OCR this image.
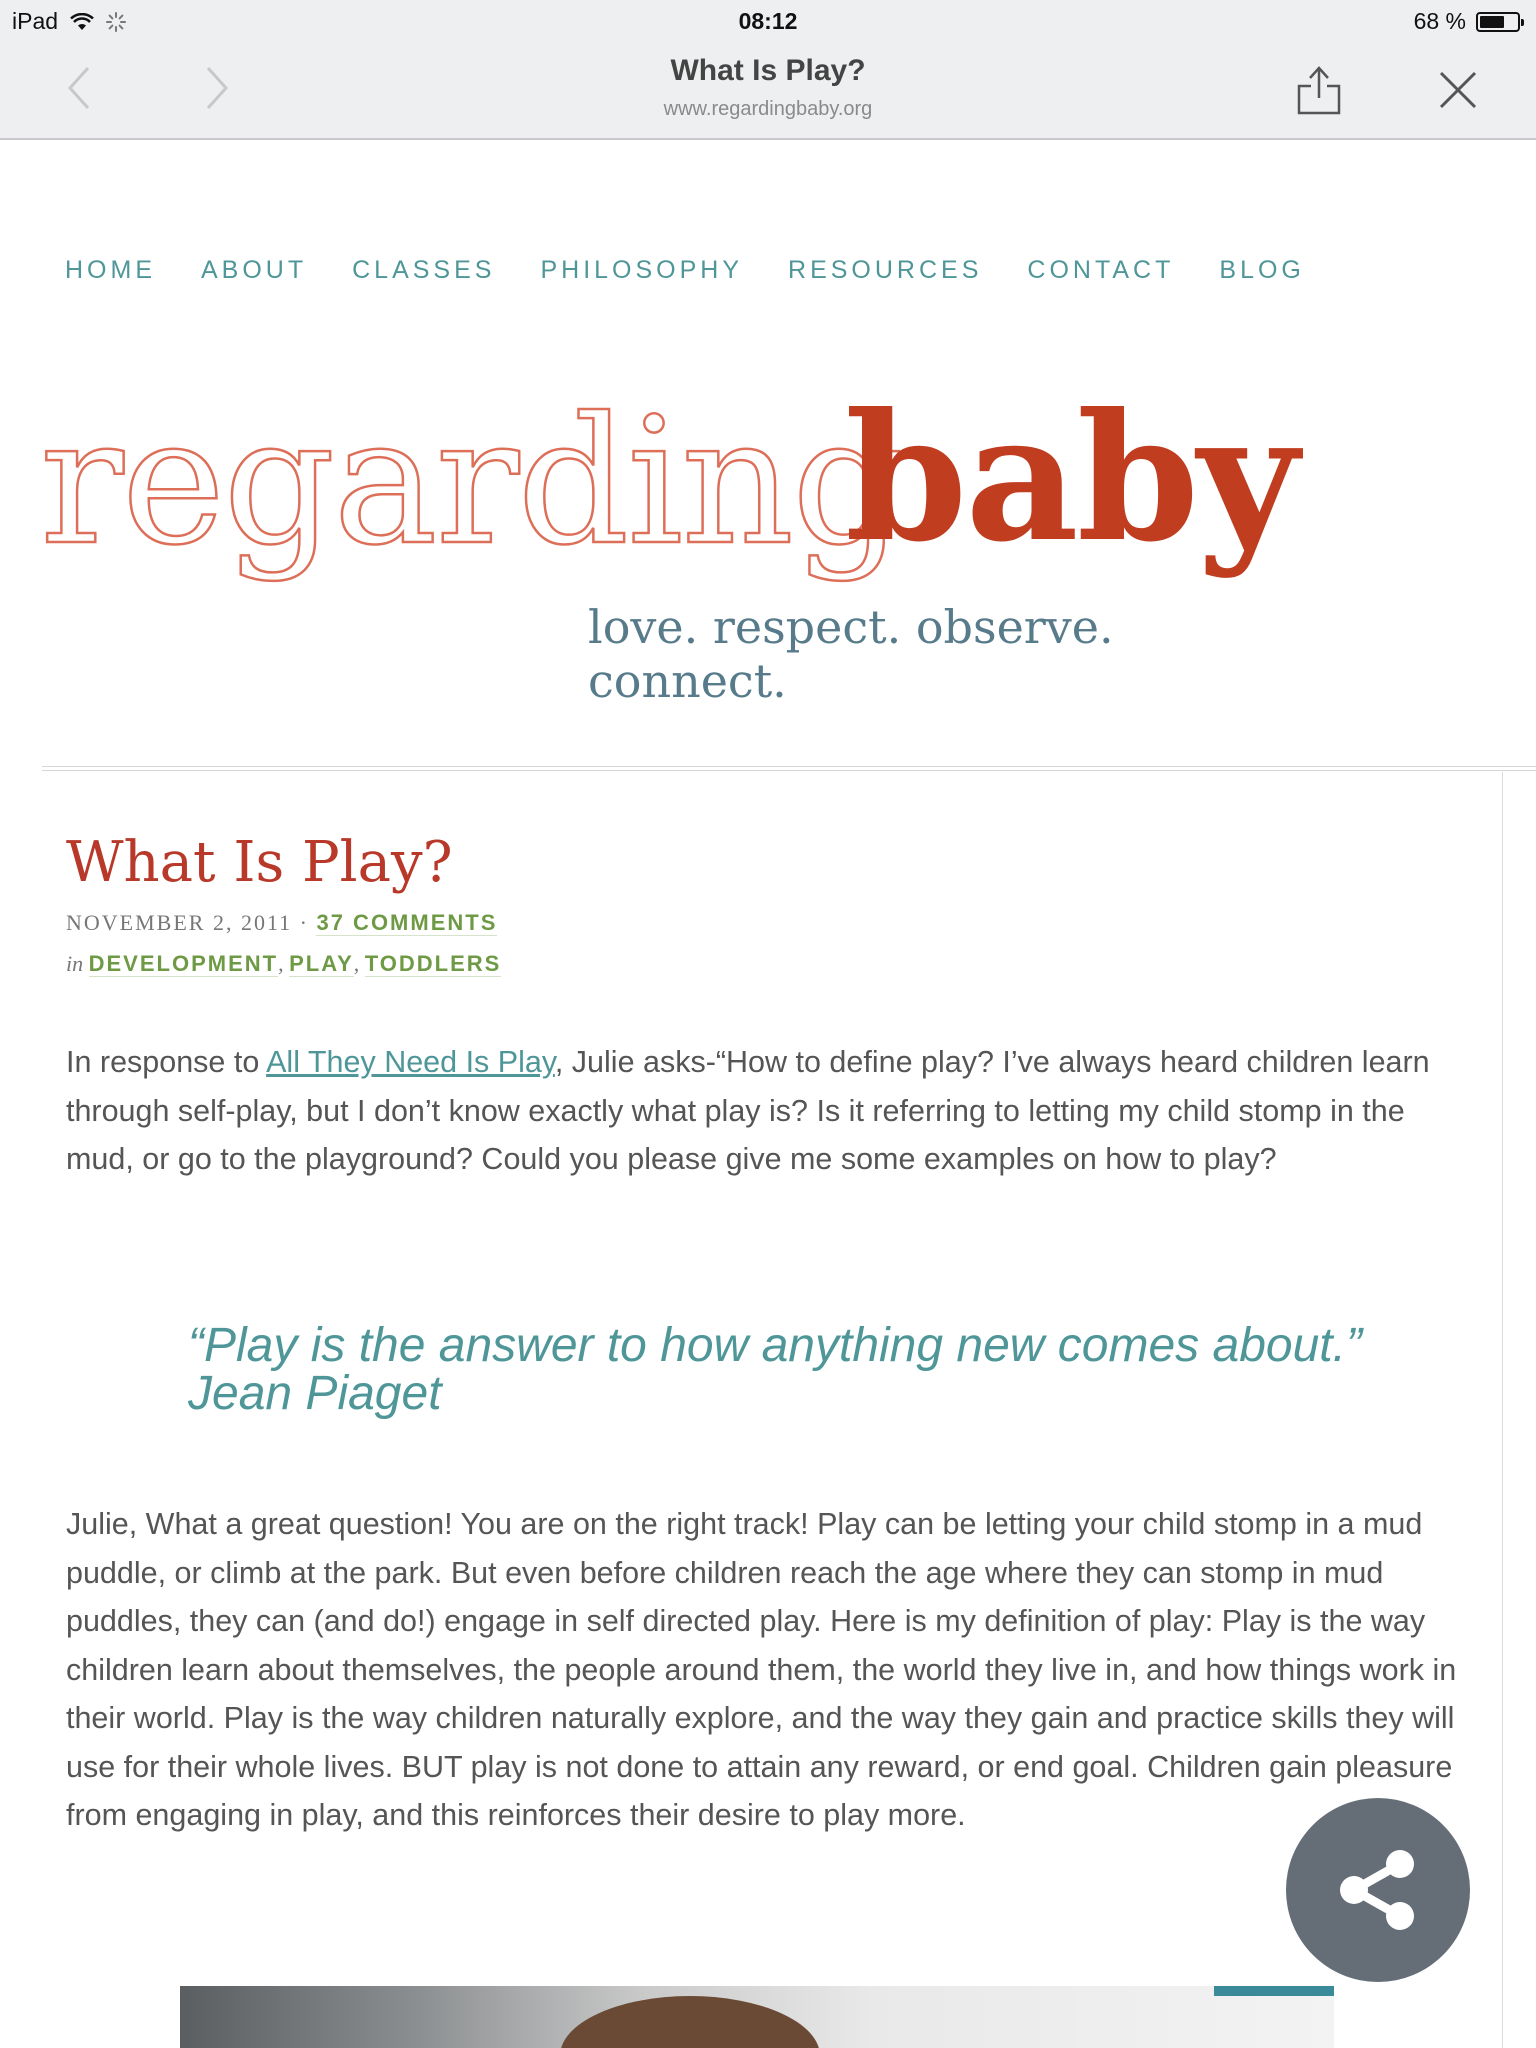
iPad	08:12	68 %
What Is Play?
www.regardingbaby.org
HOME ABOUT CLASSES PHILOSOPHY RESOURCES CONTACT BLOG
regarding
baby
love. respect. observe. connect.
What Is Play?
NOVEMBER 2, 2011 · 37 COMMENTS
in DEVELOPMENT, PLAY, TODDLERS

In response to All They Need Is Play, Julie asks-“How to define play? I’ve always heard children learn through self-play, but I don’t know exactly what play is? Is it referring to letting my child stomp in the mud, or go to the playground? Could you please give me some examples on how to play?

“Play is the answer to how anything new comes about.”
Jean Piaget

Julie, What a great question! You are on the right track! Play can be letting your child stomp in a mud puddle, or climb at the park. But even before children reach the age where they can stomp in mud puddles, they can (and do!) engage in self directed play. Here is my definition of play: Play is the way children learn about themselves, the people around them, the world they live in, and how things work in their world. Play is the way children naturally explore, and the way they gain and practice skills they will use for their whole lives. BUT play is not done to attain any reward, or end goal. Children gain pleasure from engaging in play, and this reinforces their desire to play more.
